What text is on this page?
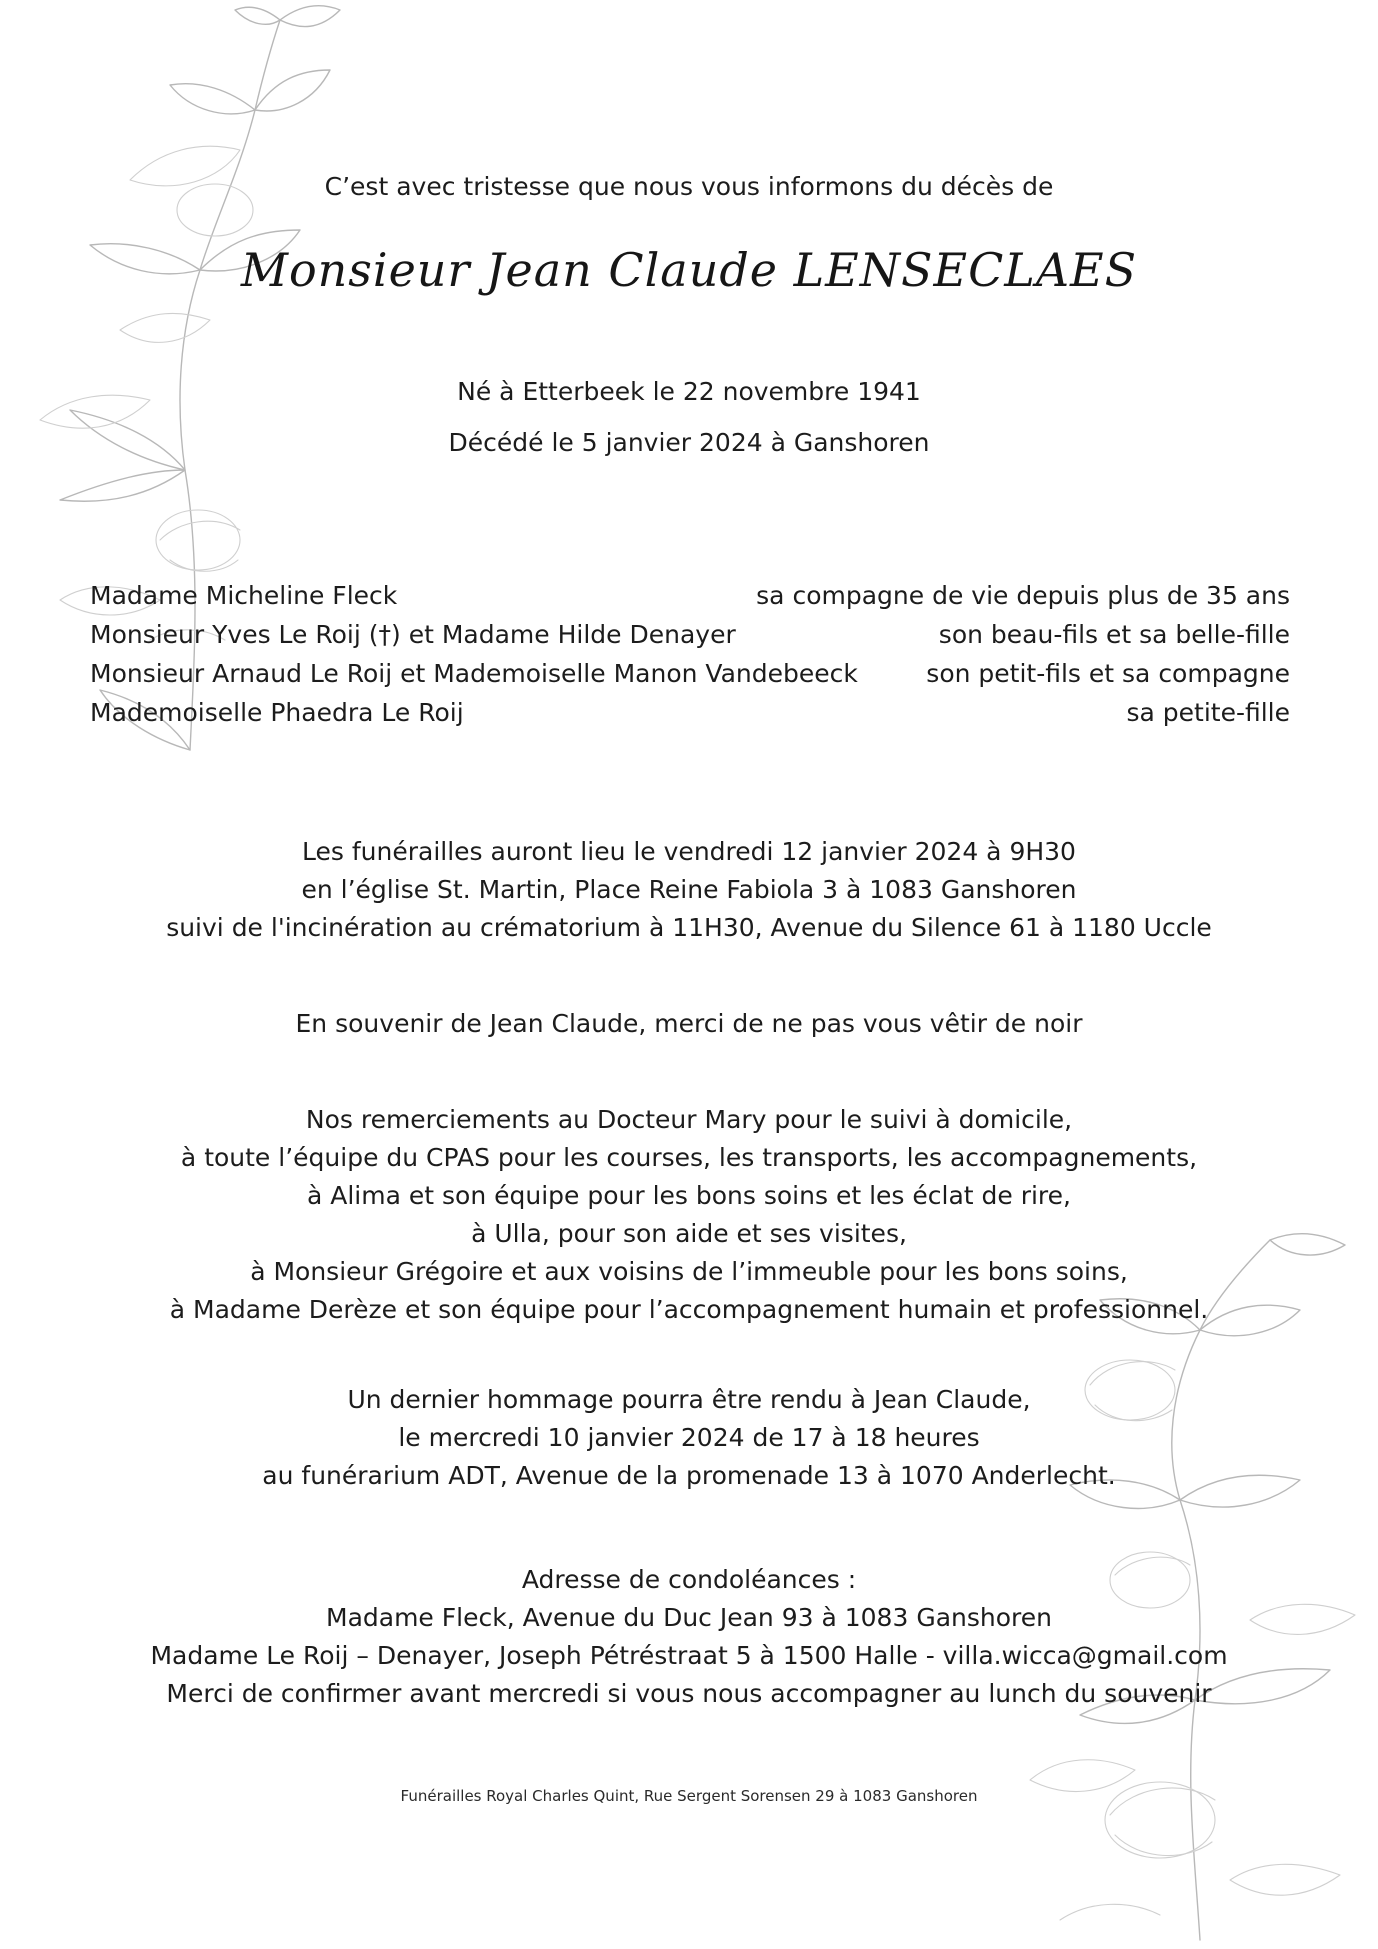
C’est avec tristesse que nous vous informons du décès de
Monsieur Jean Claude LENSECLAES
Né à Etterbeek le 22 novembre 1941
Décédé le 5 janvier 2024 à Ganshoren
Madame Micheline Fleck	sa compagne de vie depuis plus de 35 ans
Monsieur Yves Le Roij (†) et Madame Hilde Denayer	son beau-fils et sa belle-fille
Monsieur Arnaud Le Roij et Mademoiselle Manon Vandebeeck	son petit-fils et sa compagne
Mademoiselle Phaedra Le Roij	sa petite-fille
Les funérailles auront lieu le vendredi 12 janvier 2024 à 9H30
en l’église St. Martin, Place Reine Fabiola 3 à 1083 Ganshoren
suivi de l'incinération au crématorium à 11H30, Avenue du Silence 61 à 1180 Uccle
En souvenir de Jean Claude, merci de ne pas vous vêtir de noir
Nos remerciements au Docteur Mary pour le suivi à domicile,
à toute l’équipe du CPAS pour les courses, les transports, les accompagnements,
à Alima et son équipe pour les bons soins et les éclat de rire,
à Ulla, pour son aide et ses visites,
à Monsieur Grégoire et aux voisins de l’immeuble pour les bons soins,
à Madame Derèze et son équipe pour l’accompagnement humain et professionnel.
Un dernier hommage pourra être rendu à Jean Claude,
le mercredi 10 janvier 2024 de 17 à 18 heures
au funérarium ADT, Avenue de la promenade 13 à 1070 Anderlecht.
Adresse de condoléances :
Madame Fleck, Avenue du Duc Jean 93 à 1083 Ganshoren
Madame Le Roij – Denayer, Joseph Pétréstraat 5 à 1500 Halle - villa.wicca@gmail.com
Merci de confirmer avant mercredi si vous nous accompagner au lunch du souvenir
Funérailles Royal Charles Quint, Rue Sergent Sorensen 29 à 1083 Ganshoren
